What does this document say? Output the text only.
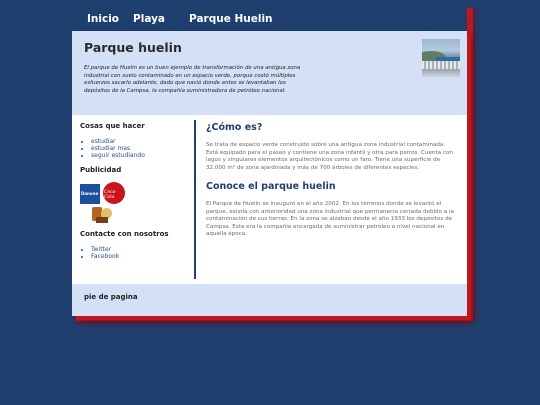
Inicio Playa Parque Huelin
Parque huelin

El parque de Huelin es un buen ejemplo de transformación de una antigua zona industrial con suelo contaminado en un espacio verde, porque costó múltiples esfuerzos sacarlo adelante, dado que nació donde antes se levantaban los depósitos de la Campsa, la compañía suministradora de petróleo nacional.

Cosas que hacer
• estudiar
• estudiar mas
• seguir estudiando
Publicidad
Danone Coca-Cola
Contacte con nosotros
• Twitter
• Facebook
¿Cómo es?

Se trata de espacio verde construido sobre una antigua zona industrial contaminada. Está equipado para el paseo y contiene una zona infantil y otra para perros. Cuenta con lagos y singulares elementos arquitectónicos como un faro. Tiene una superficie de 32.000 m² de zona ajardinada y más de 700 árboles de diferentes especies.

Conoce el parque huelin

El Parque de Huelin se inauguró en el año 2002. En los terrenos donde se levantó el parque, existía con anterioridad una zona industrial que permanecía cerrada debido a la contaminación de sus tierras. En la zona se alzaban desde el año 1933 los depósitos de Campsa. Esta era la compañía encargada de suministrar petróleo a nivel nacional en aquella época.

pie de pagina
